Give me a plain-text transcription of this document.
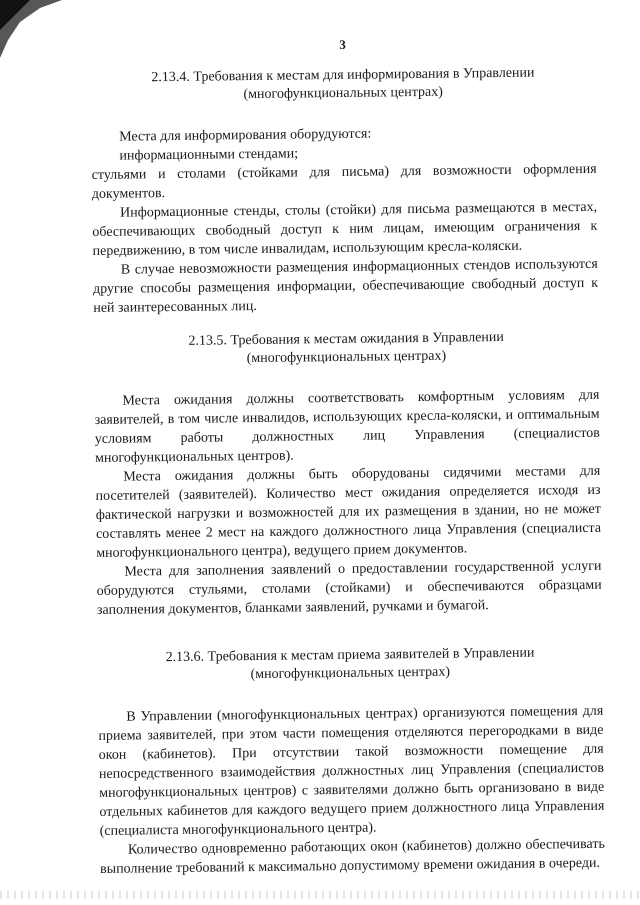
3
2.13.4. Требования к местам для информирования в Управлении
(многофункциональных центрах)

Места для информирования оборудуются:

информационными стендами;

стульями и столами (стойками для письма) для возможности оформления документов.

Информационные стенды, столы (стойки) для письма размещаются в местах, обеспечивающих свободный доступ к ним лицам, имеющим ограничения к передвижению, в том числе инвалидам, использующим кресла-коляски.

В случае невозможности размещения информационных стендов используются другие способы размещения информации, обеспечивающие свободный доступ к ней заинтересованных лиц.

2.13.5. Требования к местам ожидания в Управлении
(многофункциональных центрах)

Места ожидания должны соответствовать комфортным условиям для заявителей, в том числе инвалидов, использующих кресла-коляски, и оптимальным условиям работы должностных лиц Управления (специалистов многофункциональных центров).

Места ожидания должны быть оборудованы сидячими местами для посетителей (заявителей). Количество мест ожидания определяется исходя из фактической нагрузки и возможностей для их размещения в здании, но не может составлять менее 2 мест на каждого должностного лица Управления (специалиста многофункционального центра), ведущего прием документов.

Места для заполнения заявлений о предоставлении государственной услуги оборудуются стульями, столами (стойками) и обеспечиваются образцами заполнения документов, бланками заявлений, ручками и бумагой.

2.13.6. Требования к местам приема заявителей в Управлении
(многофункциональных центрах)

В Управлении (многофункциональных центрах) организуются помещения для приема заявителей, при этом части помещения отделяются перегородками в виде окон (кабинетов). При отсутствии такой возможности помещение для непосредственного взаимодействия должностных лиц Управления (специалистов многофункциональных центров) с заявителями должно быть организовано в виде отдельных кабинетов для каждого ведущего прием должностного лица Управления (специалиста многофункционального центра).

Количество одновременно работающих окон (кабинетов) должно обеспечивать выполнение требований к максимально допустимому времени ожидания в очереди.
